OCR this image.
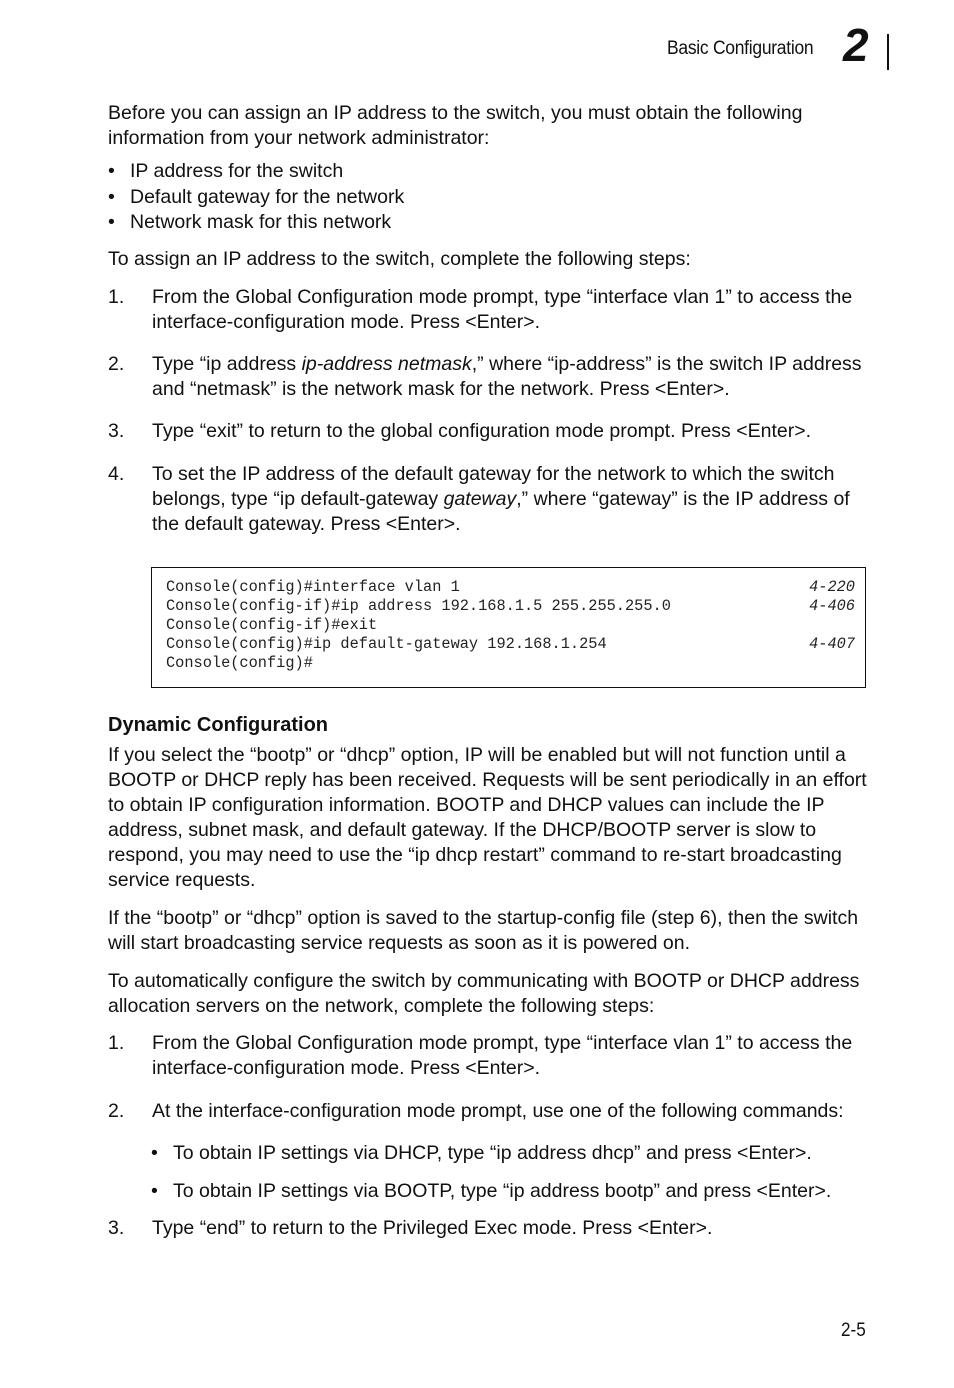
Basic Configuration 2

Before you can assign an IP address to the switch, you must obtain the following information from your network administrator:

• IP address for the switch
• Default gateway for the network
• Network mask for this network

To assign an IP address to the switch, complete the following steps:

1. From the Global Configuration mode prompt, type “interface vlan 1” to access the interface-configuration mode. Press <Enter>.
2. Type “ip address ip-address netmask,” where “ip-address” is the switch IP address and “netmask” is the network mask for the network. Press <Enter>.
3. Type “exit” to return to the global configuration mode prompt. Press <Enter>.
4. To set the IP address of the default gateway for the network to which the switch belongs, type “ip default-gateway gateway,” where “gateway” is the IP address of the default gateway. Press <Enter>.
Console(config)#interface vlan 1	4-220
Console(config-if)#ip address 192.168.1.5 255.255.255.0	4-406
Console(config-if)#exit
Console(config)#ip default-gateway 192.168.1.254	4-407
Console(config)#
Dynamic Configuration

If you select the “bootp” or “dhcp” option, IP will be enabled but will not function until a BOOTP or DHCP reply has been received. Requests will be sent periodically in an effort to obtain IP configuration information. BOOTP and DHCP values can include the IP address, subnet mask, and default gateway. If the DHCP/BOOTP server is slow to respond, you may need to use the “ip dhcp restart” command to re-start broadcasting service requests.

If the “bootp” or “dhcp” option is saved to the startup-config file (step 6), then the switch will start broadcasting service requests as soon as it is powered on.

To automatically configure the switch by communicating with BOOTP or DHCP address allocation servers on the network, complete the following steps:

1. From the Global Configuration mode prompt, type “interface vlan 1” to access the interface-configuration mode. Press <Enter>.
2. At the interface-configuration mode prompt, use one of the following commands:
• To obtain IP settings via DHCP, type “ip address dhcp” and press <Enter>.
• To obtain IP settings via BOOTP, type “ip address bootp” and press <Enter>.
3. Type “end” to return to the Privileged Exec mode. Press <Enter>.
2-5
